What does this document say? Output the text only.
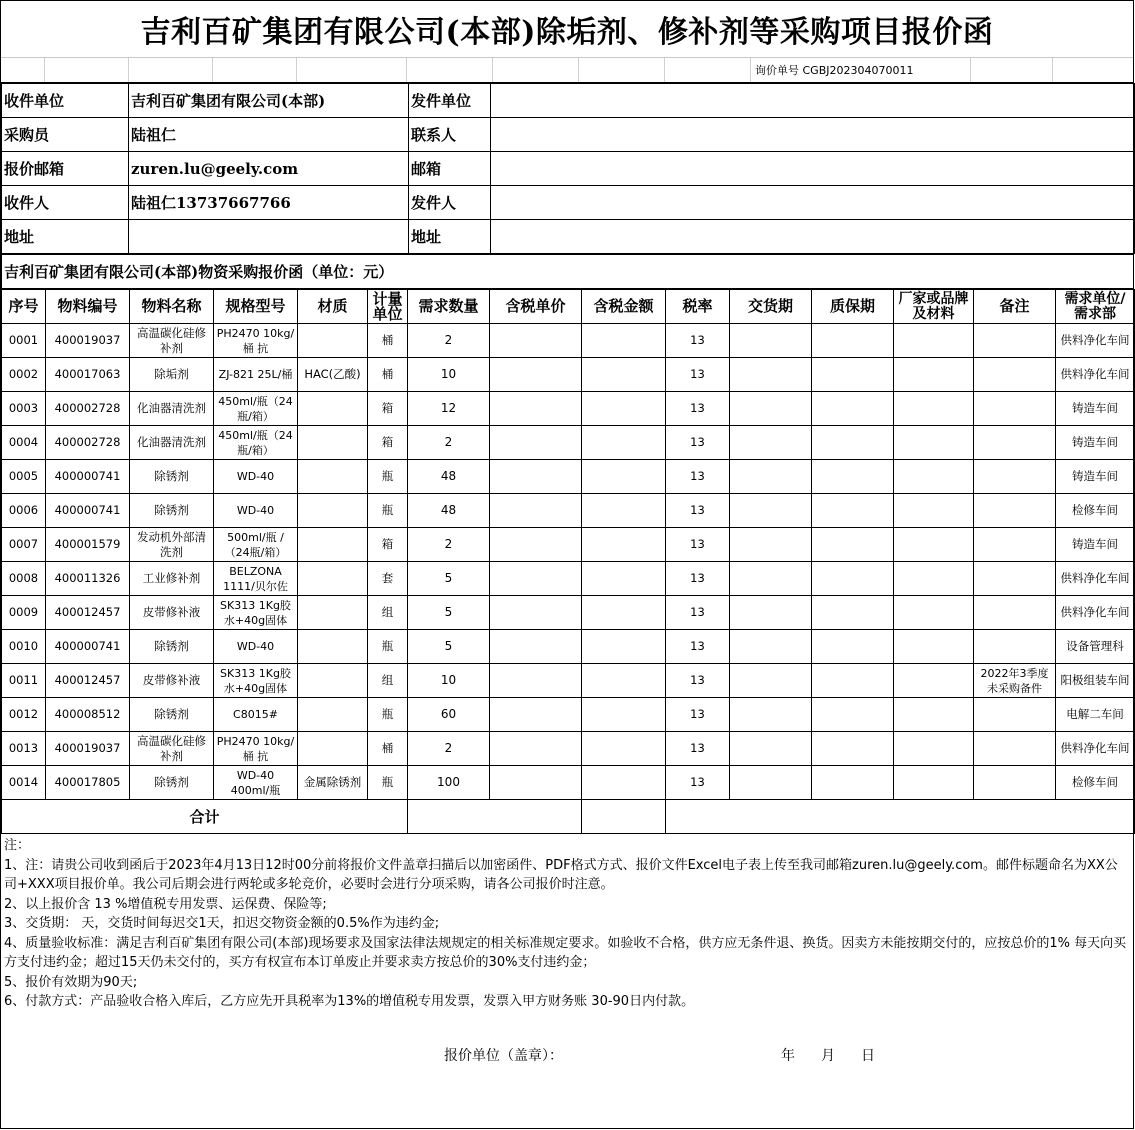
吉利百矿集团有限公司(本部)除垢剂、修补剂等采购项目报价函
询价单号
CGBJ202304070011
收件单位	吉利百矿集团有限公司(本部)	发件单位	
采购员	陆祖仁	联系人	
报价邮箱	zuren.lu@geely.com	邮箱	
收件人	陆祖仁13737667766	发件人	
地址		地址	
吉利百矿集团有限公司(本部)物资采购报价函（单位：元）
序号	物料编号	物料名称	规格型号	材质	计量单位	需求数量	含税单价	含税金额	税率	交货期	质保期	厂家或品牌及材料	备注	需求单位/需求部
0001	400019037	高温碳化硅修补剂	PH2470 10kg/桶 抗		桶	2			13					供料净化车间
0002	400017063	除垢剂	ZJ-821 25L/桶	HAC(乙酸)	桶	10			13					供料净化车间
0003	400002728	化油器清洗剂	450ml/瓶（24瓶/箱）		箱	12			13					铸造车间
0004	400002728	化油器清洗剂	450ml/瓶（24瓶/箱）		箱	2			13					铸造车间
0005	400000741	除锈剂	WD-40		瓶	48			13					铸造车间
0006	400000741	除锈剂	WD-40		瓶	48			13					检修车间
0007	400001579	发动机外部清洗剂	500ml/瓶 /（24瓶/箱）		箱	2			13					铸造车间
0008	400011326	工业修补剂	BELZONA 1111/贝尔佐		套	5			13					供料净化车间
0009	400012457	皮带修补液	SK313 1Kg胶水+40g固体		组	5			13					供料净化车间
0010	400000741	除锈剂	WD-40		瓶	5			13					设备管理科
0011	400012457	皮带修补液	SK313 1Kg胶水+40g固体		组	10			13				2022年3季度未采购备件	阳极组装车间
0012	400008512	除锈剂	C8015#		瓶	60			13					电解二车间
0013	400019037	高温碳化硅修补剂	PH2470 10kg/桶 抗		桶	2			13					供料净化车间
0014	400017805	除锈剂	WD-40 400ml/瓶	金属除锈剂	瓶	100			13					检修车间
合计														

注：

1、注：请贵公司收到函后于2023年4月13日12时00分前将报价文件盖章扫描后以加密函件、PDF格式方式、报价文件Excel电子表上传至我司邮箱zuren.lu@geely.com。邮件标题命名为XX公司+XXX项目报价单。我公司后期会进行两轮或多轮竞价，必要时会进行分项采购，请各公司报价时注意。

2、以上报价含 13 %增值税专用发票、运保费、保险等;

3、交货期： 天，交货时间每迟交1天，扣迟交物资金额的0.5%作为违约金;

4、质量验收标准：满足吉利百矿集团有限公司(本部)现场要求及国家法律法规规定的相关标准规定要求。如验收不合格，供方应无条件退、换货。因卖方未能按期交付的，应按总价的1% 每天向买方支付违约金；超过15天仍未交付的，买方有权宣布本订单废止并要求卖方按总价的30%支付违约金；

5、报价有效期为90天;

6、付款方式：产品验收合格入库后，乙方应先开具税率为13%的增值税专用发票，发票入甲方财务账 30-90日内付款。

报价单位（盖章）：	年 月 日
